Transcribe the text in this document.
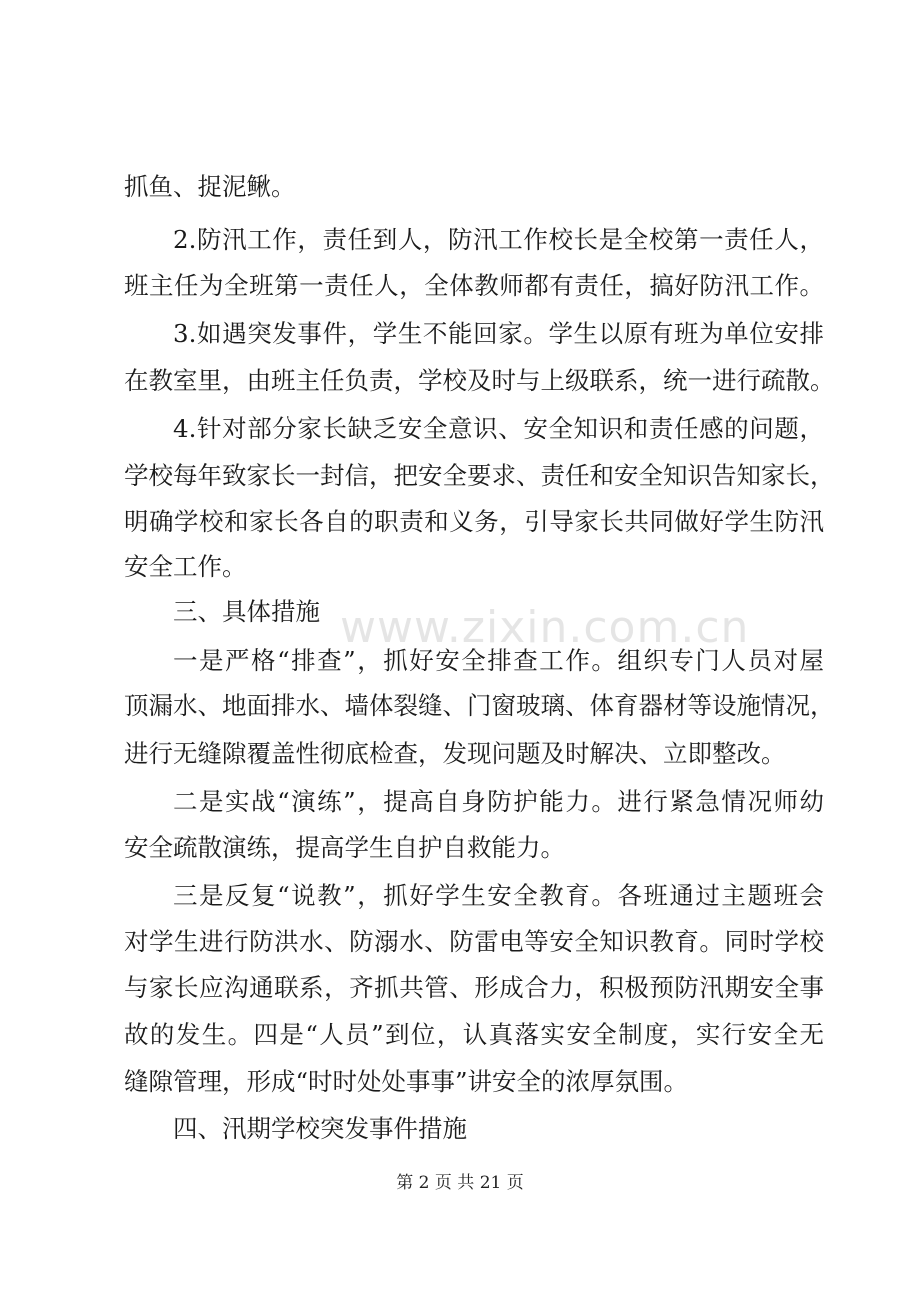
抓鱼、捉泥鳅。
2.防汛工作，责任到人，防汛工作校长是全校第一责任人，
班主任为全班第一责任人，全体教师都有责任，搞好防汛工作。
3.如遇突发事件，学生不能回家。学生以原有班为单位安排
在教室里，由班主任负责，学校及时与上级联系，统一进行疏散。
4.针对部分家长缺乏安全意识、安全知识和责任感的问题，
学校每年致家长一封信，把安全要求、责任和安全知识告知家长，
明确学校和家长各自的职责和义务，引导家长共同做好学生防汛
安全工作。
三、具体措施
一是严格“排查”，抓好安全排查工作。组织专门人员对屋
顶漏水、地面排水、墙体裂缝、门窗玻璃、体育器材等设施情况，
进行无缝隙覆盖性彻底检查，发现问题及时解决、立即整改。
二是实战“演练”，提高自身防护能力。进行紧急情况师幼
安全疏散演练，提高学生自护自救能力。
三是反复“说教”，抓好学生安全教育。各班通过主题班会
对学生进行防洪水、防溺水、防雷电等安全知识教育。同时学校
与家长应沟通联系，齐抓共管、形成合力，积极预防汛期安全事
故的发生。四是“人员”到位，认真落实安全制度，实行安全无
缝隙管理，形成“时时处处事事”讲安全的浓厚氛围。
四、汛期学校突发事件措施
www.zixin.com.cn
第 2 页 共 21 页
